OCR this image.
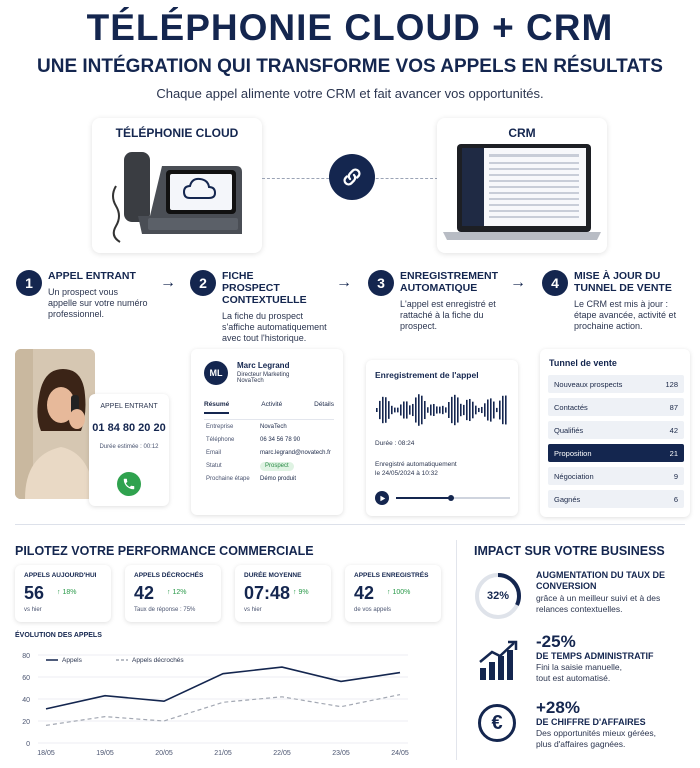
TÉLÉPHONIE CLOUD + CRM
UNE INTÉGRATION QUI TRANSFORME VOS APPELS EN RÉSULTATS
Chaque appel alimente votre CRM et fait avancer vos opportunités.
TÉLÉPHONIE CLOUD	CRM
1	APPEL ENTRANT
Un prospect vous appelle sur votre numéro professionnel.
→	2	FICHE PROSPECT CONTEXTUELLE
La fiche du prospect s'affiche automatiquement avec tout l'historique.
→	3	ENREGISTREMENT AUTOMATIQUE
L'appel est enregistré et rattaché à la fiche du prospect.
→	4	MISE À JOUR DU TUNNEL DE VENTE
Le CRM est mis à jour : étape avancée, activité et prochaine action.
APPEL ENTRANT
01 84 80 20 20
Durée estimée : 00:12
ML
Marc Legrand
Directeur Marketing
NovaTech
Résumé	Activité	Détails
Entreprise	NovaTech
Téléphone	06 34 56 78 90
Email	marc.legrand@novatech.fr
Statut	Prospect
Prochaine étape	Démo produit
Enregistrement de l'appel
Durée : 08:24
Enregistré automatiquement
le 24/05/2024 à 10:32
Tunnel de vente
Nouveaux prospects	128
Contactés	87
Qualifiés	42
Proposition	21
Négociation	9
Gagnés	6
PILOTEZ VOTRE PERFORMANCE COMMERCIALE
APPELS AUJOURD'HUI
56	↑ 18%
vs hier
APPELS DÉCROCHÉS
42	↑ 12%
Taux de réponse : 75%
DURÉE MOYENNE
07:48 ↑ 9%
vs hier
APPELS ENREGISTRÉS
42	↑ 100%
de vos appels
ÉVOLUTION DES APPELS
0
20
40
60
80
18/05	19/05	20/05	21/05	22/05	23/05	24/05
Appels	Appels décrochés
IMPACT SUR VOTRE BUSINESS
32%
AUGMENTATION DU TAUX DE CONVERSION
grâce à un meilleur suivi et à des relances contextuelles.
-25%
DE TEMPS ADMINISTRATIF
Fini la saisie manuelle, tout est automatisé.
€
+28%
DE CHIFFRE D'AFFAIRES
Des opportunités mieux gérées, plus d'affaires gagnées.
